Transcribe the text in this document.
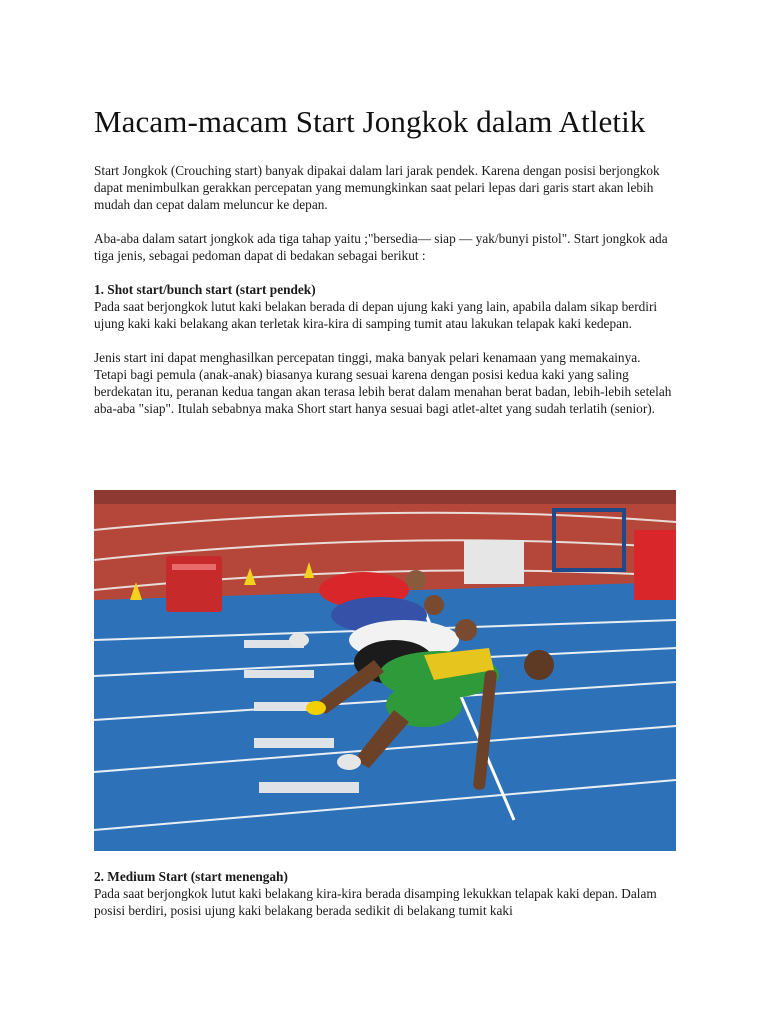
Macam-macam Start Jongkok dalam Atletik

Start Jongkok (Crouching start) banyak dipakai dalam lari jarak pendek. Karena dengan posisi berjongkok dapat menimbulkan gerakkan percepatan yang memungkinkan saat pelari lepas dari garis start akan lebih mudah dan cepat dalam meluncur ke depan.

Aba-aba dalam satart jongkok ada tiga tahap yaitu ;"bersedia— siap — yak/bunyi pistol". Start jongkok ada tiga jenis, sebagai pedoman dapat di bedakan sebagai berikut :

1. Shot start/bunch start (start pendek)

Pada saat berjongkok lutut kaki belakan berada di depan ujung kaki yang lain, apabila dalam sikap berdiri ujung kaki kaki belakang akan terletak kira-kira di samping tumit atau lakukan telapak kaki kedepan.

Jenis start ini dapat menghasilkan percepatan tinggi, maka banyak pelari kenamaan yang memakainya. Tetapi bagi pemula (anak-anak) biasanya kurang sesuai karena dengan posisi kedua kaki yang saling berdekatan itu, peranan kedua tangan akan terasa lebih berat dalam menahan berat badan, lebih-lebih setelah aba-aba "siap". Itulah sebabnya maka Short start hanya sesuai bagi atlet-altet yang sudah terlatih (senior).

2. Medium Start (start menengah)

Pada saat berjongkok lutut kaki belakang kira-kira berada disamping lekukkan telapak kaki depan. Dalam posisi berdiri, posisi ujung kaki belakang berada sedikit di belakang tumit kaki
